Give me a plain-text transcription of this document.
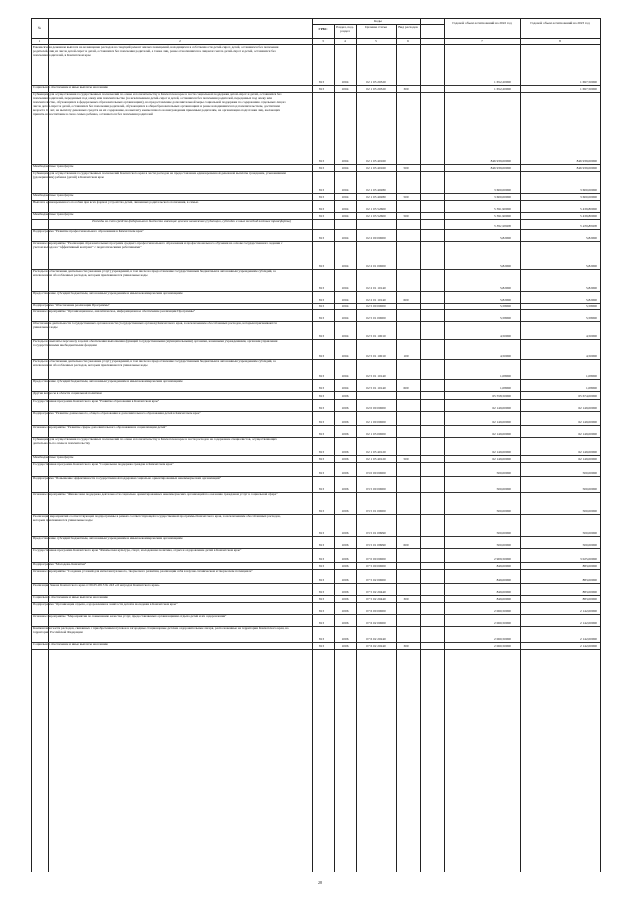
№
Коды
ГРБС	Раздел, под-раздел
Целевая статья	Вид расходов
Годовой объем ассигнований на 2022 год	Годовой объем ассигнований на 2023 год
1	2	3	4	5	6	7	8
Ежемесячная денежная выплата на возмещение расходов на текущий ремонт жилых помещений, находящихся в собственности детей-сирот, детей, оставшихся без попечения родителей, лиц из числа детей-сирот и детей, оставшихся без попечения родителей, а также лиц, ранее относившихся к лицам из числа детей-сирот и детей, оставшихся без попечения родителей, в Камчатском крае
813	1004	02 1 03 20320	1 652,20000	1 697,50000
Социальное обеспечение и иные выплаты населению	813	1004	02 1 03 20320	300	1 652,20000	1 697,50000
Субвенции для осуществления государственных полномочий по опеке и попечительству в Камчатском крае в части социальной поддержки детей-сирот и детей, оставшихся без попечения родителей, переданных под опеку или попечительство (за исключением детей-сирот и детей, оставшихся без попечения родителей, переданных под опеку или попечительство, обучающихся в федеральных образовательных организациях), на предоставление дополнительной меры социальной поддержки по содержанию отдельных лиц из числа детей-сирот и детей, оставшихся без попечения родителей, обучающихся в общеобразовательных организациях и ранее находившихся под попечительством, достигшим возраста 18 лет, на выплату денежных средств на их содержание, на выплату ежемесячного вознаграждения приемным родителям, на организацию подготовки лиц, желающих принять на воспитание в свою семью ребенка, оставшегося без попечения родителей
813	1004	02 1 03 40160	846 939,00000	846 939,00000
Межбюджетные трансферты	813	1004	02 1 03 40160	500	846 939,00000	846 939,00000
Субвенции для осуществления государственных полномочий Камчатского края в части расходов на предоставление единовременной денежной выплаты гражданам, усыновившим (удочерившим) ребенка (детей) в Камчатском крае
813	1004	02 1 03 40280	3 600,00000	3 600,00000
Межбюджетные трансферты	813	1004	02 1 03 40280	500	3 600,00000	3 600,00000
Выплата единовременного пособия при всех формах устройства детей, лишенных родительского попечения, в семью
813	1004	02 1 03 52600	5 391,90000	5 439,80000
Межбюджетные трансферты	813	1004	02 1 03 52600	500	5 391,90000	5 439,80000
Расходы за счет средств федерального бюджета имеющие целевое назначение (субвенции, субсидии и иные межбюджетные трансферты)
5 391,90000	5 439,80000
Подпрограмма "Развитие профессионального образования в Камчатском крае"
813	1004	02 2 00 00000	5,82000	5,82000
Основное мероприятие "Реализация образовательных программ среднего профессионального образования и профессионального обучения на основе государственного задания с учетом выхода на "эффективный контракт" с педагогическими работниками"
813	1004	02 2 01 00000	5,82000	5,82000
Расходы на обеспечение деятельности (оказание услуг) учреждений, в том числе на предоставление государственным бюджетным и автономным учреждениям субсидий, за исключением обособленных расходов, которым присваиваются уникальные коды
813	1004	02 2 01 10140	5,82000	5,82000
Предоставление субсидий бюджетным, автономным учреждениям и иным некоммерческим организациям
813	1004	02 2 01 10140	600	5,82000	5,82000
Подпрограмма "Обеспечение реализации Программы"	813	1004	02 5 00 00000	5,58000	5,58000
Основное мероприятие "Организационное, аналитическое, информационное обеспечение реализации Программы"
813	1004	02 5 01 00000	5,58000	5,58000
Обеспечение деятельности государственных органов власти (государственных органов) Камчатского края, за исключением обособленных расходов, которым присваиваются уникальные коды
813	1004	02 5 01 10010	4,50000	4,50000
Расходы на выплаты персоналу в целях обеспечения выполнения функций государственными (муниципальными) органами, казенными учреждениями, органами управления государственными внебюджетными фондами
813	1004	02 5 01 10010	100	4,50000	4,50000
Расходы на обеспечение деятельности (оказание услуг) учреждений, в том числе на предоставление государственным бюджетным и автономным учреждениям субсидий, за исключением обособленных расходов, которым присваиваются уникальные коды
813	1004	02 5 01 10140	1,08000	1,08000
Предоставление субсидий бюджетным, автономным учреждениям и иным некоммерческим организациям
813	1004	02 5 01 10140	600	1,08000	1,08000
Другие вопросы в области социальной политики
813	1006	65 558,50000	65 674,00000
Государственная программа Камчатского края "Развитие образования в Камчатском крае"
813	1006	02 0 00 00000	62 149,00000	62 149,00000
Подпрограмма "Развитие дошкольного, общего образования и дополнительного образования детей в Камчатском крае"
813	1006	02 1 00 00000	62 149,00000	62 149,00000
Основное мероприятие "Развитие сферы дополнительного образования и социализации детей"
813	1006	02 1 03 00000	62 149,00000	62 149,00000
Субвенции для осуществления государственных полномочий по опеке и попечительству в Камчатском крае в части расходов на содержание специалистов, осуществляющих деятельность по опеке и попечительству
813	1006	02 1 03 40120	62 149,00000	62 149,00000
Межбюджетные трансферты	813	1006	02 1 03 40120	500	62 149,00000	62 149,00000
Государственная программа Камчатского края "Социальная поддержка граждан в Камчатском крае"
813	1006	03 0 00 00000	500,00000	500,00000
Подпрограмма "Повышение эффективности государственной поддержки социально ориентированных некоммерческих организаций"
813	1006	03 5 00 00000	500,00000	500,00000
Основное мероприятие "Финансовая поддержка деятельности социально ориентированных некоммерческих организаций по оказанию гражданам услуг в социальной сфере"
813	1006	03 5 01 00000	500,00000	500,00000
Реализация мероприятий соответствующей подпрограммы в рамках соответствующей государственной программы Камчатского края, за исключением обособленных расходов, которым присваиваются уникальные коды
813	1006	03 5 01 09990	500,00000	500,00000
Предоставление субсидий бюджетным, автономным учреждениям и иным некоммерческим организациям
813	1006	03 5 01 09990	600	500,00000	500,00000
Государственная программа Камчатского края "Физическая культура, спорт, молодежная политика, отдых и оздоровление детей в Камчатском крае"
813	1006	07 0 00 00000	2 909,50000	3 025,00000
Подпрограмма "Молодежь Камчатки"	813	1006	07 5 00 00000	849,00000	883,00000
Основное мероприятие "Создание условий для интеллектуального, творческого развития, реализации себя в научно-техническом и творческом потенциале"
813	1006	07 5 02 00000	849,00000	883,00000
Реализация Закона Камчатского края от 06.05.2013 № 243 «О наградах Камчатского края»
813	1006	07 5 02 20440	849,00000	883,00000
Социальное обеспечение и иные выплаты населению	813	1006	07 5 02 20440	300	849,00000	883,00000
Подпрограмма "Организация отдыха, оздоровления и занятости детей и молодежи в Камчатском крае"
813	1006	07 6 00 00000	2 060,50000	2 142,00000
Основное мероприятие "Мероприятия по повышению качества услуг, предоставляемых организациями отдыха детей и их оздоровления"
813	1006	07 6 02 00000	2 060,50000	2 142,00000
Компенсация части расходов, связанных с приобретением путевок в загородные стационарные детские оздоровительные лагеря, расположенные на территории Камчатского края, на территории Российской Федерации
813	1006	07 6 02 20240	2 060,50000	2 142,00000
Социальное обеспечение и иные выплаты населению	813	1006	07 6 02 20240	300	2 060,50000	2 142,00000
28
